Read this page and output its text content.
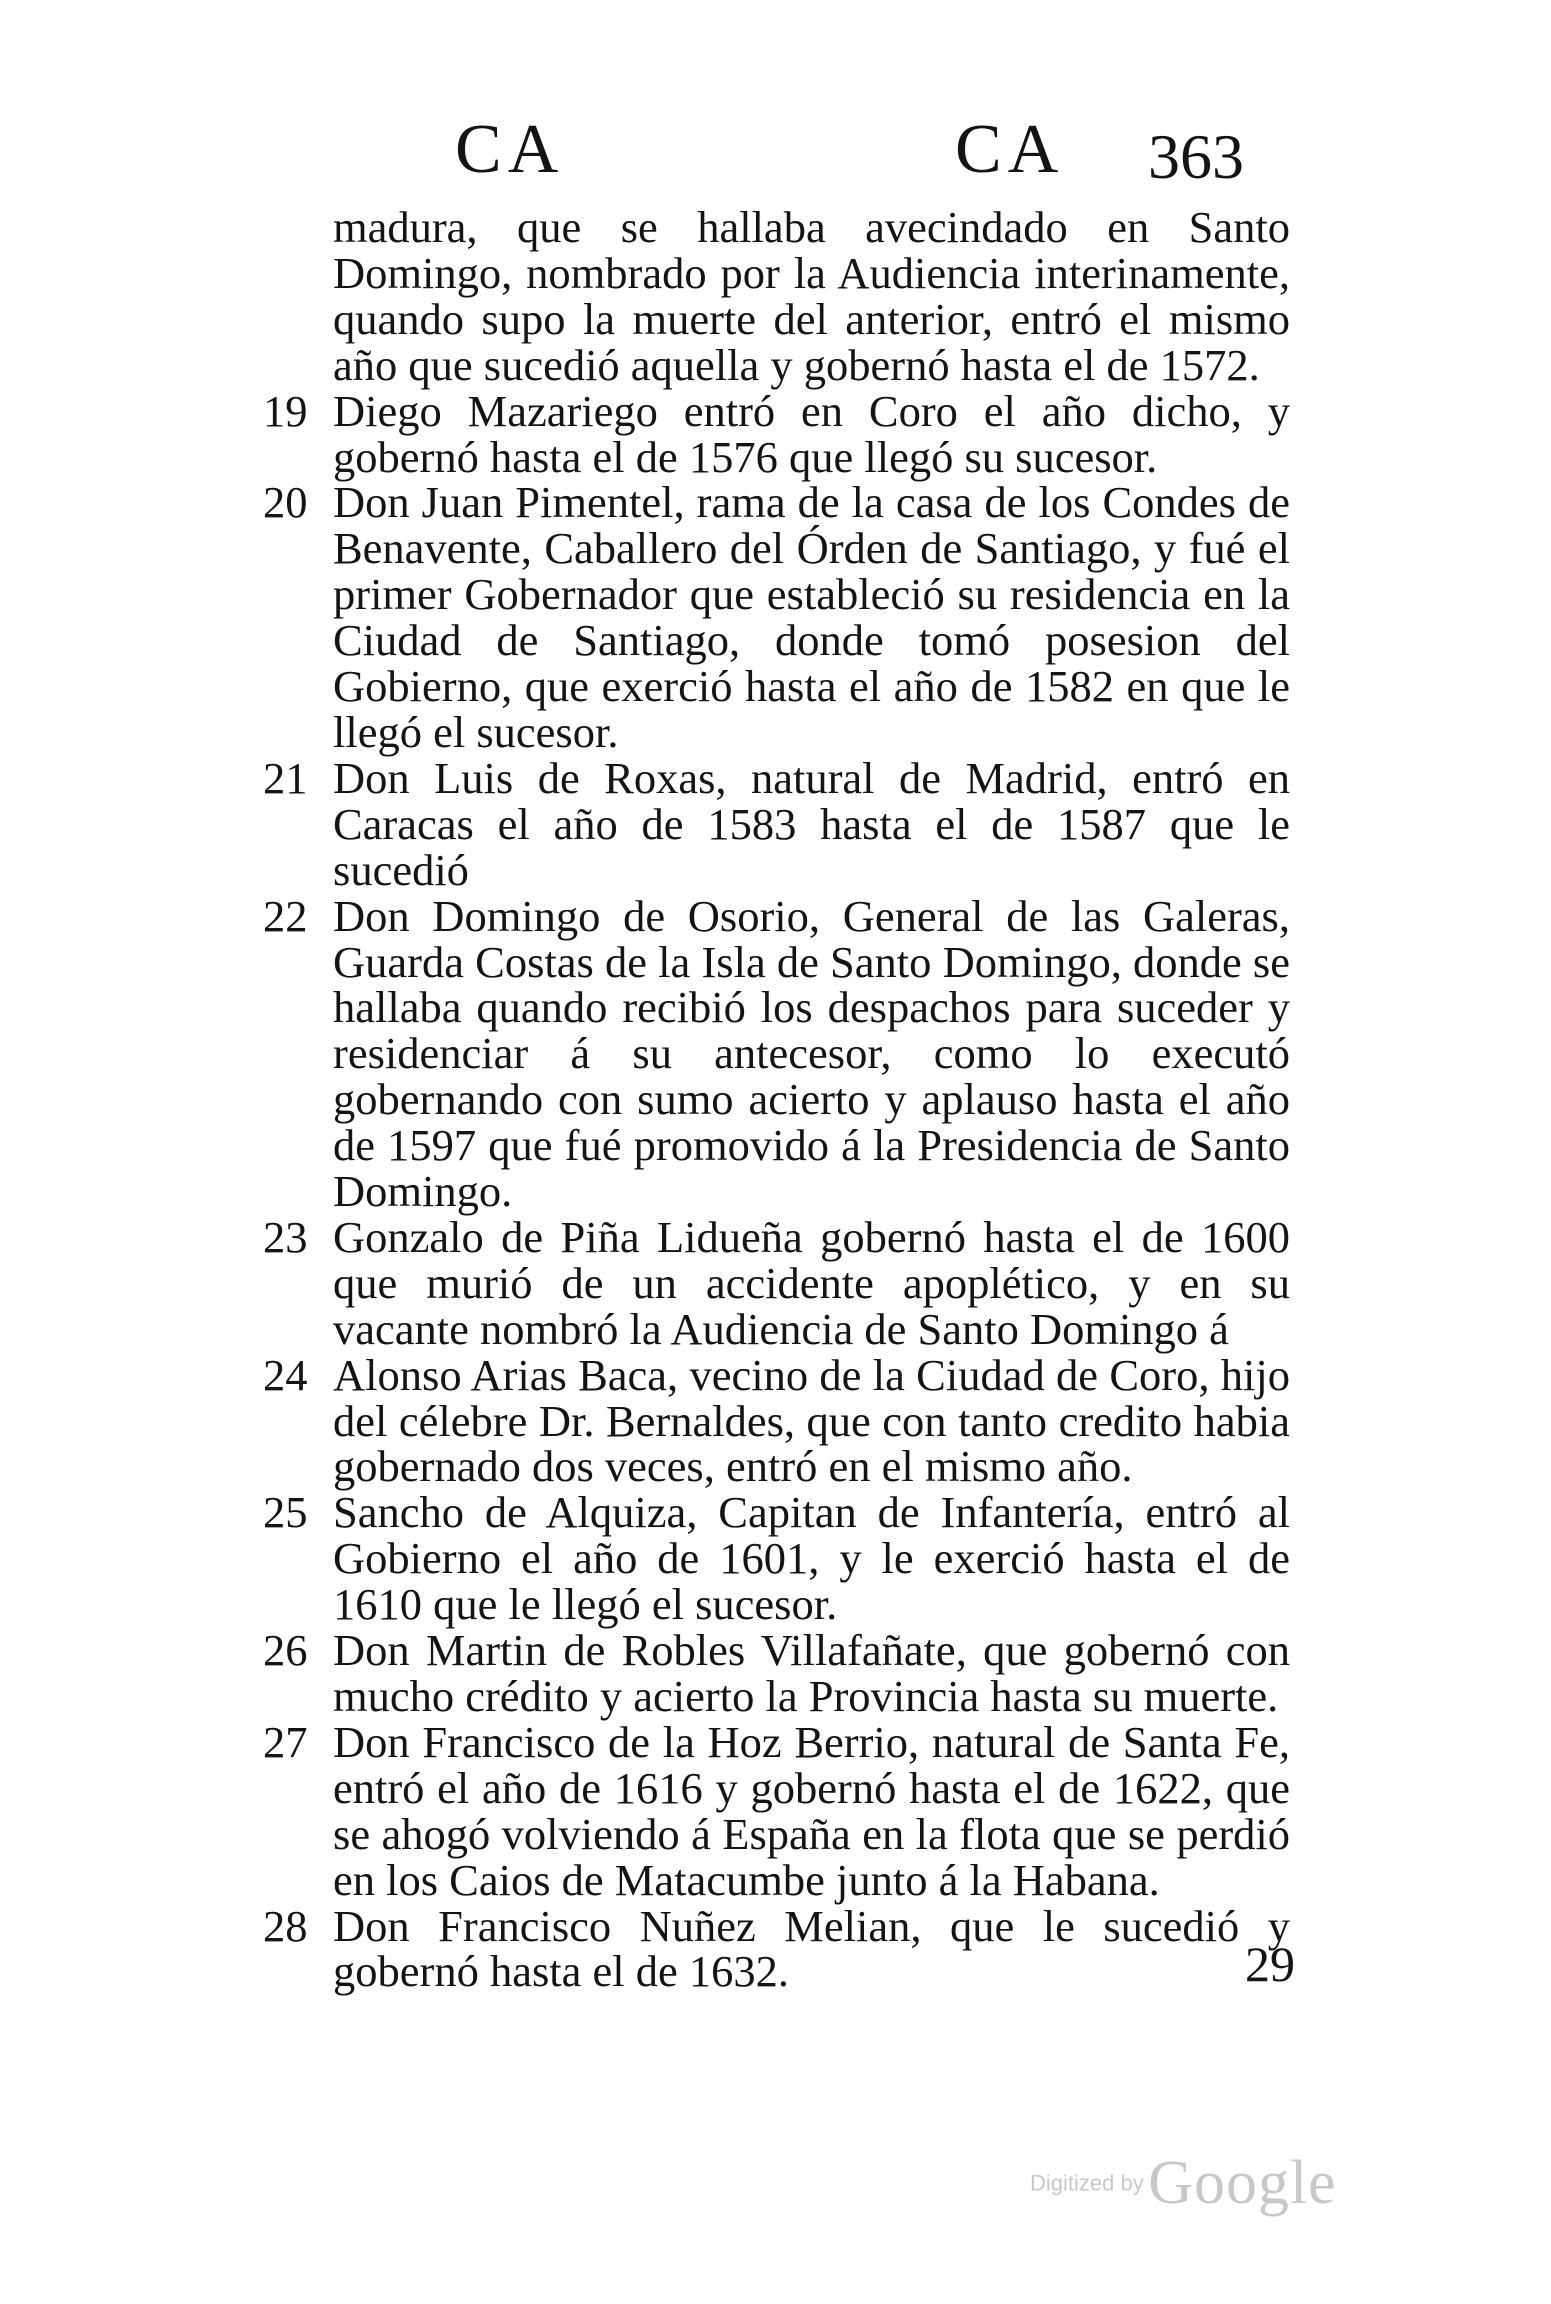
CA	CA 363
madura, que se hallaba avecindado en Santo Domingo, nombrado por la Audiencia interinamente, quando supo la muerte del anterior, entró el mismo año que sucedió aquella y gobernó hasta el de 1572.
19 Diego Mazariego entró en Coro el año dicho, y gobernó hasta el de 1576 que llegó su sucesor.
20 Don Juan Pimentel, rama de la casa de los Condes de Benavente, Caballero del Órden de Santiago, y fué el primer Gobernador que estableció su residencia en la Ciudad de Santiago, donde tomó posesion del Gobierno, que exerció hasta el año de 1582 en que le llegó el sucesor.
21 Don Luis de Roxas, natural de Madrid, entró en Caracas el año de 1583 hasta el de 1587 que le sucedió
22 Don Domingo de Osorio, General de las Galeras, Guarda Costas de la Isla de Santo Domingo, donde se hallaba quando recibió los despachos para suceder y residenciar á su antecesor, como lo executó gobernando con sumo acierto y aplauso hasta el año de 1597 que fué promovido á la Presidencia de Santo Domingo.
23 Gonzalo de Piña Lidueña gobernó hasta el de 1600 que murió de un accidente apoplético, y en su vacante nombró la Audiencia de Santo Domingo á
24 Alonso Arias Baca, vecino de la Ciudad de Coro, hijo del célebre Dr. Bernaldes, que con tanto credito habia gobernado dos veces, entró en el mismo año.
25 Sancho de Alquiza, Capitan de Infantería, entró al Gobierno el año de 1601, y le exerció hasta el de 1610 que le llegó el sucesor.
26 Don Martin de Robles Villafañate, que gobernó con mucho crédito y acierto la Provincia hasta su muerte.
27 Don Francisco de la Hoz Berrio, natural de Santa Fe, entró el año de 1616 y gobernó hasta el de 1622, que se ahogó volviendo á España en la flota que se perdió en los Caios de Matacumbe junto á la Habana.
28 Don Francisco Nuñez Melian, que le sucedió y gobernó hasta el de 1632.	29
Digitized by Google
